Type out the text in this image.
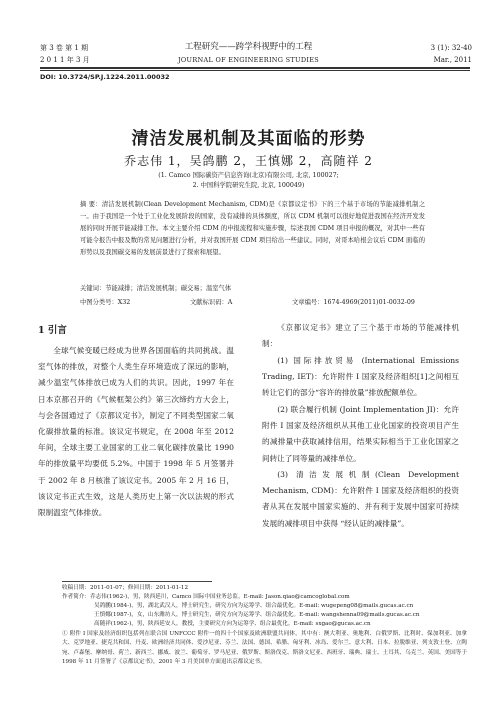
第 3 卷 第 1 期
2 0 1 1 年 3 月
工程研究——跨学科视野中的工程
JOURNAL OF ENGINEERING STUDIES
3 (1): 32-40
Mar., 2011
DOI: 10.3724/SP.J.1224.2011.00032
清洁发展机制及其面临的形势
乔志伟 1，吴鸽鹏 2，王慎娜 2，高随祥 2
(1. Camco 国际碳资产信息咨询(北京)有限公司, 北京, 100027;
2. 中国科学院研究生院, 北京, 100049)
摘 要：清洁发展机制(Clean Development Mechanism, CDM)是《京都议定书》下的三个基于市场的节能减排机制之一。由于我国是一个处于工业化发展阶段的国家，没有减排的具体额度，所以 CDM 机制可以很好地促进我国在经济开发发展的同时开展节能减排工作。本文主要介绍 CDM 的申报流程和实施步骤，综述我国 CDM 项目申报的概况，对其中一些有可能令报告中报及数的常见问题进行分析，并对我国开展 CDM 项目给出一些建议。同时，对哥本哈根会议后 CDM 面临的形势以及我国碳交易的发展前景进行了探索和展望。
关键词：节能减排；清洁发展机制；碳交易；温室气体
中图分类号：X32	文献标识码：A	文章编号：1674-4969(2011)01-0032-09
1 引言
全球气候变暖已经成为世界各国面临的共同挑战。温室气体的排放，对整个人类生存环境造成了深远的影响，减少温室气体排放已成为人们的共识。因此，1997 年在日本京都召开的《气候框架公约》第三次缔约方大会上，与会各国通过了《京都议定书》，制定了不同类型国家二氧化碳排放量的标准。该议定书规定，在 2008 年至 2012 年间，全球主要工业国家的工业二氧化碳排放量比 1990 年的排放量平均要低 5.2%。中国于 1998 年 5 月签署并于 2002 年 8 月核准了该议定书。2005 年 2 月 16 日，该议定书正式生效，这是人类历史上第一次以法规的形式限制温室气体排放。
《京都议定书》建立了三个基于市场的节能减排机制：
(1) 国际排放贸易 (International Emissions Trading, IET)：允许附件 I 国家及经济组织[1]之间相互转让它们的部分“容许的排放量”排放配额单位。
(2) 联合履行机制 (Joint Implementation JI)：允许附件 I 国家及经济组织从其他工业化国家的投资项目产生的减排量中获取减排信用，结果实际相当于工业化国家之间转让了同等量的减排单位。
(3) 清洁发展机制(Clean Development Mechanism, CDM)：允许附件 I 国家及经济组织的投资者从其在发展中国家实施的、并有利于发展中国家可持续发展的减排项目中获得 “经认证的减排量”。
收稿日期：2011-01-07；修回日期：2011-01-12
作者简介：乔志伟(1962-)，男，陕西延川，Camco 国际中国业务总监。E-mail: Jason.qiao@camcoglobal.com
吴鸽鹏(1984-)，男，湖北武汉人，博士研究生，研究方向为运筹学、组合最优化。E-mail: wugepeng08@mails.gucas.ac.cn
王慎娜(1987-)，女，山东潍坊人，博士研究生，研究方向为运筹学、组合最优化。E-mail: wangshenna09@mails.gucas.ac.cn
高随祥(1962-)，男，陕西延安人，教授，主要研究方向为运筹学、组合最优化。E-mail: sxgao@gucas.ac.cn
① 附件 I 国家及经济组织包括列在联合国 UNFCCC 附件一的四十个国家及欧洲联盟共同体，其中有：澳大利亚、奥地利、白俄罗斯、比利时、保加利亚、加拿大、克罗地亚、捷克共和国、丹麦、欧洲经济共同体、爱沙尼亚、芬兰、法国、德国、希腊、匈牙利、冰岛、爱尔兰、意大利、日本、拉脱维亚、列支敦士登、立陶宛、卢森堡、摩纳哥、荷兰、新西兰、挪威、波兰、葡萄牙、罗马尼亚、俄罗斯、斯洛伐克、斯洛文尼亚、西班牙、瑞典、瑞士、土耳其、乌克兰、英国、美国等于 1998 年 11 月签署了《京都议定书》，2001 年 3 月美国单方面退出京都议定书。
